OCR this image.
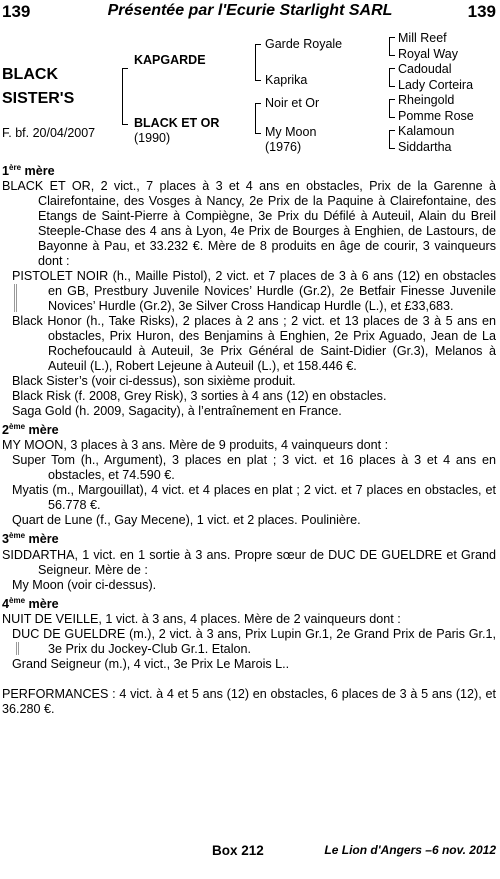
139	Présentée par l'Ecurie Starlight SARL	139
BLACK
SISTER'S
F. bf. 20/04/2007
KAPGARDE
BLACK ET OR
(1990)
Garde Royale
Kaprika
Noir et Or
My Moon
(1976)
Mill Reef
Royal Way
Cadoudal
Lady Corteira
Rheingold
Pomme Rose
Kalamoun
Siddartha
1ère mère
BLACK ET OR, 2 vict., 7 places à 3 et 4 ans en obstacles, Prix de la Garenne à Clairefontaine, des Vosges à Nancy, 2e Prix de la Paquine à Clairefontaine, des Etangs de Saint-Pierre à Compiègne, 3e Prix du Défilé à Auteuil, Alain du Breil Steeple-Chase des 4 ans à Lyon, 4e Prix de Bourges à Enghien, de Lastours, de Bayonne à Pau, et 33.232 €. Mère de 8 produits en âge de courir, 3 vainqueurs dont :
PISTOLET NOIR (h., Maille Pistol), 2 vict. et 7 places de 3 à 6 ans (12) en obstacles en GB, Prestbury Juvenile Novices’ Hurdle (Gr.2), 2e Betfair Finesse Juvenile Novices’ Hurdle (Gr.2), 3e Silver Cross Handicap Hurdle (L.), et £33,683.
Black Honor (h., Take Risks), 2 places à 2 ans ; 2 vict. et 13 places de 3 à 5 ans en obstacles, Prix Huron, des Benjamins à Enghien, 2e Prix Aguado, Jean de La Rochefoucauld à Auteuil, 3e Prix Général de Saint-Didier (Gr.3), Melanos à Auteuil (L.), Robert Lejeune à Auteuil (L.), et 158.446 €.
Black Sister’s (voir ci-dessus), son sixième produit.
Black Risk (f. 2008, Grey Risk), 3 sorties à 4 ans (12) en obstacles.
Saga Gold (h. 2009, Sagacity), à l’entraînement en France.
2ème mère
MY MOON, 3 places à 3 ans. Mère de 9 produits, 4 vainqueurs dont :
Super Tom (h., Argument), 3 places en plat ; 3 vict. et 16 places à 3 et 4 ans en obstacles, et 74.590 €.
Myatis (m., Margouillat), 4 vict. et 4 places en plat ; 2 vict. et 7 places en obstacles, et 56.778 €.
Quart de Lune (f., Gay Mecene), 1 vict. et 2 places. Poulinière.
3ème mère
SIDDARTHA, 1 vict. en 1 sortie à 3 ans. Propre sœur de DUC DE GUELDRE et Grand Seigneur. Mère de :
My Moon (voir ci-dessus).
4ème mère
NUIT DE VEILLE, 1 vict. à 3 ans, 4 places. Mère de 2 vainqueurs dont :
DUC DE GUELDRE (m.), 2 vict. à 3 ans, Prix Lupin Gr.1, 2e Grand Prix de Paris Gr.1, 3e Prix du Jockey-Club Gr.1. Etalon.
Grand Seigneur (m.), 4 vict., 3e Prix Le Marois L..
PERFORMANCES : 4 vict. à 4 et 5 ans (12) en obstacles, 6 places de 3 à 5 ans (12), et 36.280 €.
Box 212	Le Lion d'Angers –6 nov. 2012
